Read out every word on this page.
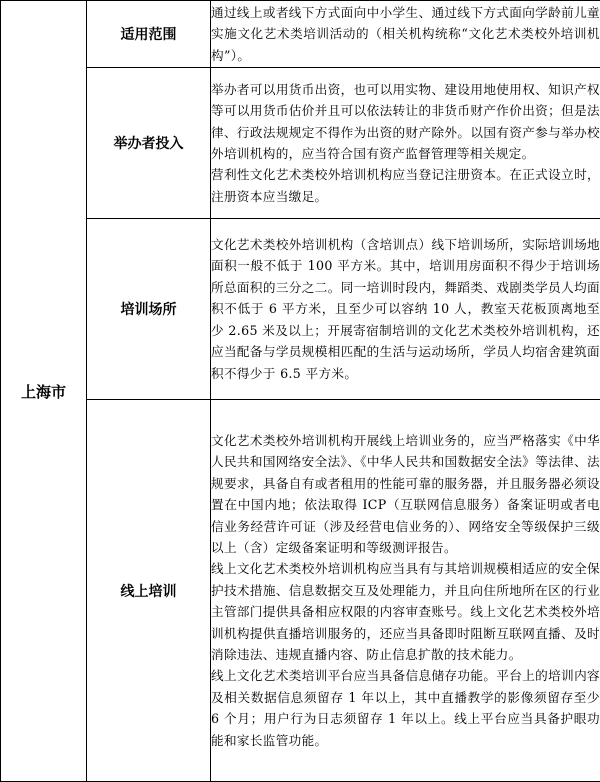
上海市	适用范围	通过线上或者线下方式面向中小学生、通过线下方式面向学龄前儿童实施文化艺术类培训活动的（相关机构统称“文化艺术类校外培训机构”）。

	举办者投入	举办者可以用货币出资，也可以用实物、建设用地使用权、知识产权等可以用货币估价并且可以依法转让的非货币财产作价出资；但是法律、行政法规规定不得作为出资的财产除外。以国有资产参与举办校外培训机构的，应当符合国有资产监督管理等相关规定。

营利性文化艺术类校外培训机构应当登记注册资本。在正式设立时，注册资本应当缴足。

	培训场所	文化艺术类校外培训机构（含培训点）线下培训场所，实际培训场地面积一般不低于 100 平方米。其中，培训用房面积不得少于培训场所总面积的三分之二。同一培训时段内，舞蹈类、戏剧类学员人均面积不低于 6 平方米，且至少可以容纳 10 人，教室天花板顶离地至少 2.65 米及以上；开展寄宿制培训的文化艺术类校外培训机构，还应当配备与学员规模相匹配的生活与运动场所，学员人均宿舍建筑面积不得少于 6.5 平方米。

	线上培训	文化艺术类校外培训机构开展线上培训业务的，应当严格落实《中华人民共和国网络安全法》、《中华人民共和国数据安全法》等法律、法规要求，具备自有或者租用的性能可靠的服务器，并且服务器必须设置在中国内地；依法取得 ICP（互联网信息服务）备案证明或者电信业务经营许可证（涉及经营电信业务的）、网络安全等级保护三级以上（含）定级备案证明和等级测评报告。

线上文化艺术类校外培训机构应当具有与其培训规模相适应的安全保护技术措施、信息数据交互及处理能力，并且向住所地所在区的行业主管部门提供具备相应权限的内容审查账号。线上文化艺术类校外培训机构提供直播培训服务的，还应当具备即时阻断互联网直播、及时消除违法、违规直播内容、防止信息扩散的技术能力。

线上文化艺术类培训平台应当具备信息储存功能。平台上的培训内容及相关数据信息须留存 1 年以上，其中直播教学的影像须留存至少 6 个月；用户行为日志须留存 1 年以上。线上平台应当具备护眼功能和家长监管功能。
